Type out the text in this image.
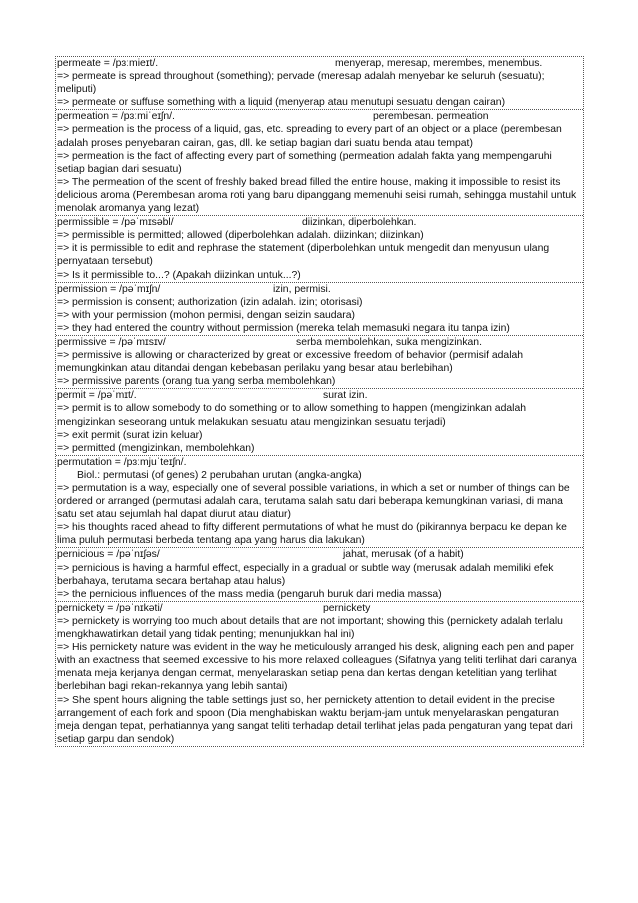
permeate = /pɜːmieɪt/.	menyerap, meresap, merembes, menembus.
=> permeate is spread throughout (something); pervade (meresap adalah menyebar ke seluruh (sesuatu); meliputi)
=> permeate or suffuse something with a liquid (menyerap atau menutupi sesuatu dengan cairan)
permeation = /pɜːmiˈeɪʃn/.	perembesan. permeation
=> permeation is the process of a liquid, gas, etc. spreading to every part of an object or a place (perembesan adalah proses penyebaran cairan, gas, dll. ke setiap bagian dari suatu benda atau tempat)
=> permeation is the fact of affecting every part of something (permeation adalah fakta yang mempengaruhi setiap bagian dari sesuatu)
=> The permeation of the scent of freshly baked bread filled the entire house, making it impossible to resist its delicious aroma (Perembesan aroma roti yang baru dipanggang memenuhi seisi rumah, sehingga mustahil untuk menolak aromanya yang lezat)
permissible = /pəˈmɪsəbl/	diizinkan, diperbolehkan.
=> permissible is permitted; allowed (diperbolehkan adalah. diizinkan; diizinkan)
=> it is permissible to edit and rephrase the statement (diperbolehkan untuk mengedit dan menyusun ulang pernyataan tersebut)
=> Is it permissible to...? (Apakah diizinkan untuk...?)
permission = /pəˈmɪʃn/	izin, permisi.
=> permission is consent; authorization (izin adalah. izin; otorisasi)
=> with your permission (mohon permisi, dengan seizin saudara)
=> they had entered the country without permission (mereka telah memasuki negara itu tanpa izin)
permissive = /pəˈmɪsɪv/	serba membolehkan, suka mengizinkan.
=> permissive is allowing or characterized by great or excessive freedom of behavior (permisif adalah memungkinkan atau ditandai dengan kebebasan perilaku yang besar atau berlebihan)
=> permissive parents (orang tua yang serba membolehkan)
permit = /pəˈmɪt/.	surat izin.
=> permit is to allow somebody to do something or to allow something to happen (mengizinkan adalah mengizinkan seseorang untuk melakukan sesuatu atau mengizinkan sesuatu terjadi)
=> exit permit (surat izin keluar)
=> permitted (mengizinkan, membolehkan)
permutation = /pɜːmjuˈteɪʃn/.
Biol.: permutasi (of genes) 2 perubahan urutan (angka-angka)
=> permutation is a way, especially one of several possible variations, in which a set or number of things can be ordered or arranged (permutasi adalah cara, terutama salah satu dari beberapa kemungkinan variasi, di mana satu set atau sejumlah hal dapat diurut atau diatur)
=> his thoughts raced ahead to fifty different permutations of what he must do (pikirannya berpacu ke depan ke lima puluh permutasi berbeda tentang apa yang harus dia lakukan)
pernicious = /pəˈnɪʃəs/	jahat, merusak (of a habit)
=> pernicious is having a harmful effect, especially in a gradual or subtle way (merusak adalah memiliki efek berbahaya, terutama secara bertahap atau halus)
=> the pernicious influences of the mass media (pengaruh buruk dari media massa)
pernickety = /pəˈnɪkəti/	pernickety
=> pernickety is worrying too much about details that are not important; showing this (pernickety adalah terlalu mengkhawatirkan detail yang tidak penting; menunjukkan hal ini)
=> His pernickety nature was evident in the way he meticulously arranged his desk, aligning each pen and paper with an exactness that seemed excessive to his more relaxed colleagues (Sifatnya yang teliti terlihat dari caranya menata meja kerjanya dengan cermat, menyelaraskan setiap pena dan kertas dengan ketelitian yang terlihat berlebihan bagi rekan-rekannya yang lebih santai)
=> She spent hours aligning the table settings just so, her pernickety attention to detail evident in the precise arrangement of each fork and spoon (Dia menghabiskan waktu berjam-jam untuk menyelaraskan pengaturan meja dengan tepat, perhatiannya yang sangat teliti terhadap detail terlihat jelas pada pengaturan yang tepat dari setiap garpu dan sendok)
